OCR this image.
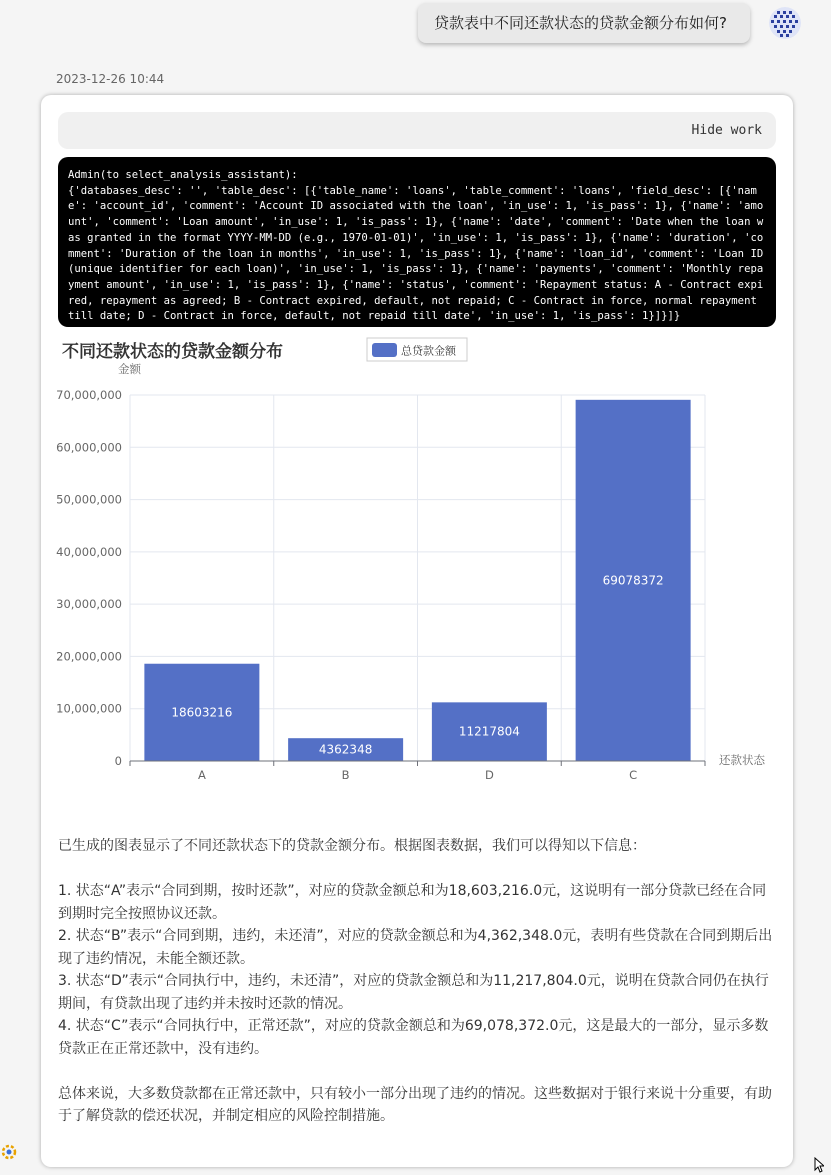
贷款表中不同还款状态的贷款金额分布如何?
2023-12-26 10:44
Hide work
Admin(to select_analysis_assistant):
{'databases_desc': '', 'table_desc': [{'table_name': 'loans', 'table_comment': 'loans', 'field_desc': [{'name': 'account_id', 'comment': 'Account ID associated with the loan', 'in_use': 1, 'is_pass': 1}, {'name': 'amount', 'comment': 'Loan amount', 'in_use': 1, 'is_pass': 1}, {'name': 'date', 'comment': 'Date when the loan was granted in the format YYYY-MM-DD (e.g., 1970-01-01)', 'in_use': 1, 'is_pass': 1}, {'name': 'duration', 'comment': 'Duration of the loan in months', 'in_use': 1, 'is_pass': 1}, {'name': 'loan_id', 'comment': 'Loan ID (unique identifier for each loan)', 'in_use': 1, 'is_pass': 1}, {'name': 'payments', 'comment': 'Monthly repayment amount', 'in_use': 1, 'is_pass': 1}, {'name': 'status', 'comment': 'Repayment status: A - Contract expired, repayment as agreed; B - Contract expired, default, not repaid; C - Contract in force, normal repayment till date; D - Contract in force, default, not repaid till date', 'in_use': 1, 'is_pass': 1}]}]}
不同还款状态的贷款金额分布	总贷款金额
金额
还款状态
0
10,000,000
20,000,000
30,000,000
40,000,000
50,000,000
60,000,000
70,000,000
18603216
4362348
11217804
69078372
A	B	D	C

已生成的图表显示了不同还款状态下的贷款金额分布。根据图表数据，我们可以得知以下信息：

1. 状态“A”表示“合同到期，按时还款”，对应的贷款金额总和为18,603,216.0元，这说明有一部分贷款已经在合同到期时完全按照协议还款。

2. 状态“B”表示“合同到期，违约，未还清”，对应的贷款金额总和为4,362,348.0元，表明有些贷款在合同到期后出现了违约情况，未能全额还款。

3. 状态“D”表示“合同执行中，违约，未还清”，对应的贷款金额总和为11,217,804.0元，说明在贷款合同仍在执行期间，有贷款出现了违约并未按时还款的情况。

4. 状态“C”表示“合同执行中，正常还款”，对应的贷款金额总和为69,078,372.0元，这是最大的一部分，显示多数贷款正在正常还款中，没有违约。

总体来说，大多数贷款都在正常还款中，只有较小一部分出现了违约的情况。这些数据对于银行来说十分重要，有助于了解贷款的偿还状况，并制定相应的风险控制措施。
